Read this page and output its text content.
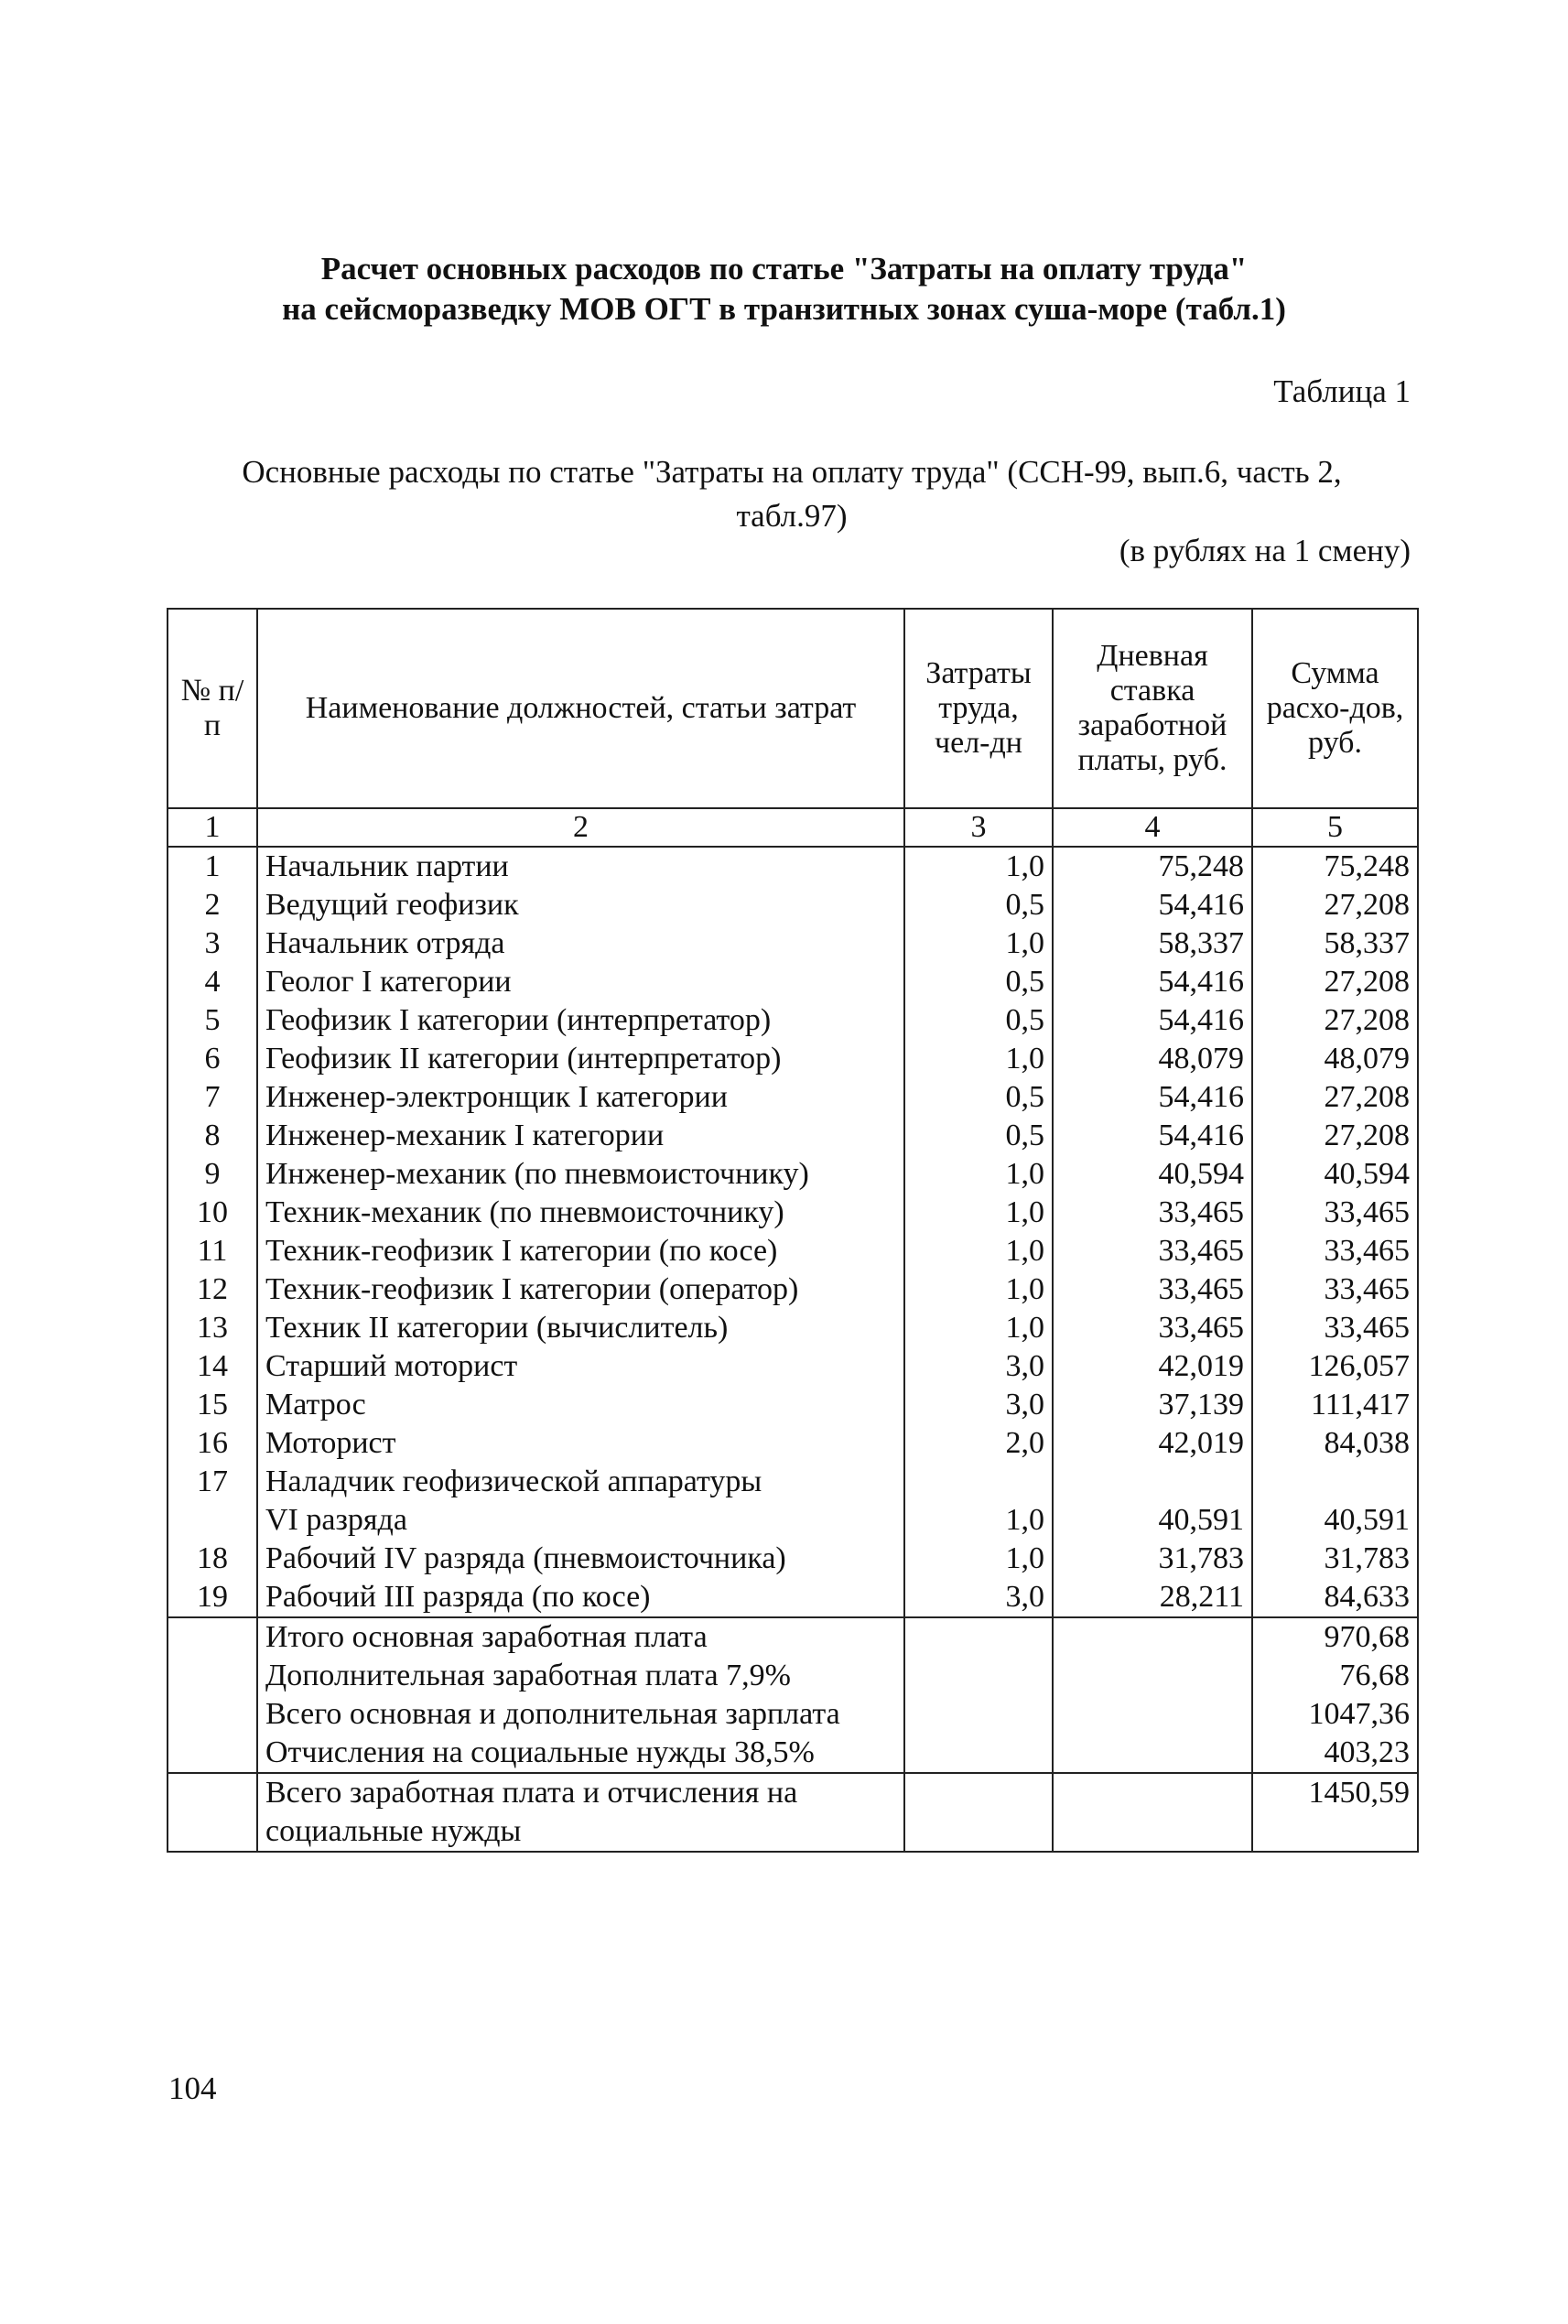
Расчет основных расходов по статье "Затраты на оплату труда"
на сейсморазведку МОВ ОГТ в транзитных зонах суша-море (табл.1)
Таблица 1
Основные расходы по статье "Затраты на оплату труда" (ССН-99, вып.6, часть 2,
табл.97)
(в рублях на 1 смену)
№ п/п	Наименование должностей, статьи затрат	Затраты труда, чел-дн	Дневная ставка заработной платы, руб.	Сумма расхо-дов, руб.
1	2	3	4	5
1	Начальник партии	1,0	75,248	75,248
2	Ведущий геофизик	0,5	54,416	27,208
3	Начальник отряда	1,0	58,337	58,337
4	Геолог I категории	0,5	54,416	27,208
5	Геофизик I категории (интерпретатор)	0,5	54,416	27,208
6	Геофизик II категории (интерпретатор)	1,0	48,079	48,079
7	Инженер-электронщик I категории	0,5	54,416	27,208
8	Инженер-механик I категории	0,5	54,416	27,208
9	Инженер-механик (по пневмоисточнику)	1,0	40,594	40,594
10	Техник-механик (по пневмоисточнику)	1,0	33,465	33,465
11	Техник-геофизик I категории (по косе)	1,0	33,465	33,465
12	Техник-геофизик I категории (оператор)	1,0	33,465	33,465
13	Техник II категории (вычислитель)	1,0	33,465	33,465
14	Старший моторист	3,0	42,019	126,057
15	Матрос	3,0	37,139	111,417
16	Моторист	2,0	42,019	84,038
17	Наладчик геофизической аппаратуры
VI разряда	1,0	40,591	40,591
18	Рабочий IV разряда (пневмоисточника)	1,0	31,783	31,783
19	Рабочий III разряда (по косе)	3,0	28,211	84,633
	Итого основная заработная плата			970,68
	Дополнительная заработная плата 7,9%			76,68
	Всего основная и дополнительная зарплата			1047,36
	Отчисления на социальные нужды 38,5%			403,23
	Всего заработная плата и отчисления на социальные нужды			1450,59
104
